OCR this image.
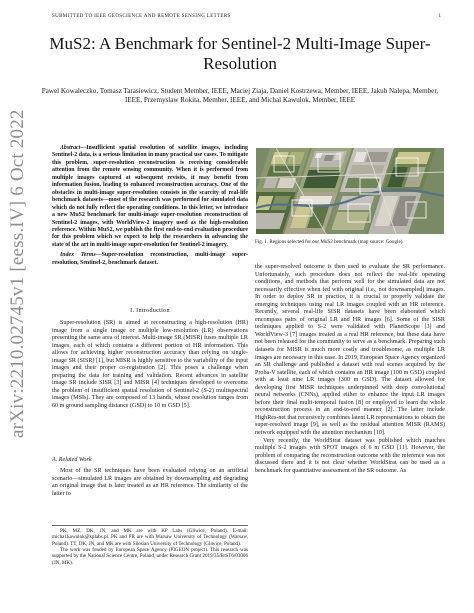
SUBMITTED TO IEEE GEOSCIENCE AND REMOTE SENSING LETTERS	1
arXiv:2210.02745v1 [eess.IV] 6 Oct 2022
MuS2: A Benchmark for Sentinel-2 Multi-Image Super-Resolution
Pawel Kowaleczko, Tomasz Tarasiewicz, Student Member, IEEE, Maciej Ziaja, Daniel Kostrzewa, Member, IEEE, Jakub Nalepa, Member, IEEE, Przemyslaw Rokita, Member, IEEE, and Michal Kawulok, Member, IEEE

Abstract—Insufficient spatial resolution of satellite images, including Sentinel-2 data, is a serious limitation in many practical use cases. To mitigate this problem, super-resolution reconstruction is receiving considerable attention from the remote sensing community. When it is performed from multiple images captured at subsequent revisits, it may benefit from information fusion, leading to enhanced reconstruction accuracy. One of the obstacles in multi-image super-resolution consists in the scarcity of real-life benchmark datasets—most of the research was performed for simulated data which do not fully reflect the operating conditions. In this letter, we introduce a new MuS2 benchmark for multi-image super-resolution reconstruction of Sentinel-2 images, with WorldView-2 imagery used as the high-resolution reference. Within MuS2, we publish the first end-to-end evaluation procedure for this problem which we expect to help the researchers in advancing the state of the art in multi-image super-resolution for Sentinel-2 imagery.

Index Terms—Super-resolution reconstruction, multi-image super-resolution, Sentinel-2, benchmark dataset.

I. Introduction

Super-resolution (SR) is aimed at reconstructing a high-resolution (HR) image from a single image or multiple low-resolution (LR) observations presenting the same area of interest. Multi-image SR (MISR) fuses multiple LR images, each of which contains a different portion of HR information. This allows for achieving higher reconstruction accuracy than relying on single-image SR (SISR) [1], but MISR is highly sensitive to the variability of the input images and their proper co-registration [2]. This poses a challenge when preparing the data for training and validation. Recent advances in satellite image SR include SISR [3] and MISR [4] techniques developed to overcome the problem of insufficient spatial resolution of Sentinel-2 (S-2) multispectral images (MSIs). They are composed of 13 bands, whose resolution ranges from 60 m ground sampling distance (GSD) to 10 m GSD [5].

A. Related Work

Most of the SR techniques have been evaluated relying on an artificial scenario—simulated LR images are obtained by downsampling and degrading an original image that is later treated as an HR reference. The similarity of the latter to

PK, MZ, DK, JN, and MK are with KP Labs (Gliwice, Poland). E-mail: michal.kawulok@kplabs.pl. PK and PR are with Warsaw University of Technology (Warsaw, Poland). TT, DK, JN, and MK are with Silesian University of Technology (Gliwice, Poland).

The work was funded by European Space Agency (PIGEON project). This research was supported by the National Science Centre, Poland, under Research Grant 2019/35/B/ST6/03006 (JN, MK).

Fig. 1. Regions selected for our MuS2 benchmark (map source: Google).

the super-resolved outcome is then used to evaluate the SR performance. Unfortunately, such procedure does not reflect the real-life operating conditions, and methods that perform well for the simulated data are not necessarily effective when fed with original (i.e., not downsampled) images. In order to deploy SR in practice, it is crucial to properly validate the emerging techniques using real LR images coupled with an HR reference. Recently, several real-life SISR datasets have been elaborated which encompass pairs of original LR and HR images [6]. Some of the SISR techniques applied to S-2 were validated with PlanetScope [3] and WorldView-3 [7] images treated as a real HR reference, but these data have not been released for the community to serve as a benchmark. Preparing such datasets for MISR is much more costly and troublesome, as multiple LR images are necessary in this case. In 2019, European Space Agency organized an SR challenge and published a dataset with real scenes acquired by the Proba-V satellite, each of which contains an HR image (100 m GSD) coupled with at least nine LR images (300 m GSD). The dataset allowed for developing first MISR techniques underpinned with deep convolutional neural networks (CNNs), applied either to enhance the input LR images before their final multi-temporal fusion [8] or employed to learn the whole reconstruction process in an end-to-end manner [2]. The latter include HighRes-net that recursively combines latent LR representations to obtain the super-resolved image [9], as well as the residual attention MISR (RAMS) network equipped with the attention mechanism [10].

Very recently, the WorldStrat dataset was published which matches multiple S-2 images with SPOT images of 6 m GSD [11]. However, the problem of comparing the reconstruction outcome with the reference was not discussed there and it is not clear whether WorldStrat can be used as a benchmark for quantitative assessment of the SR outcome. As
